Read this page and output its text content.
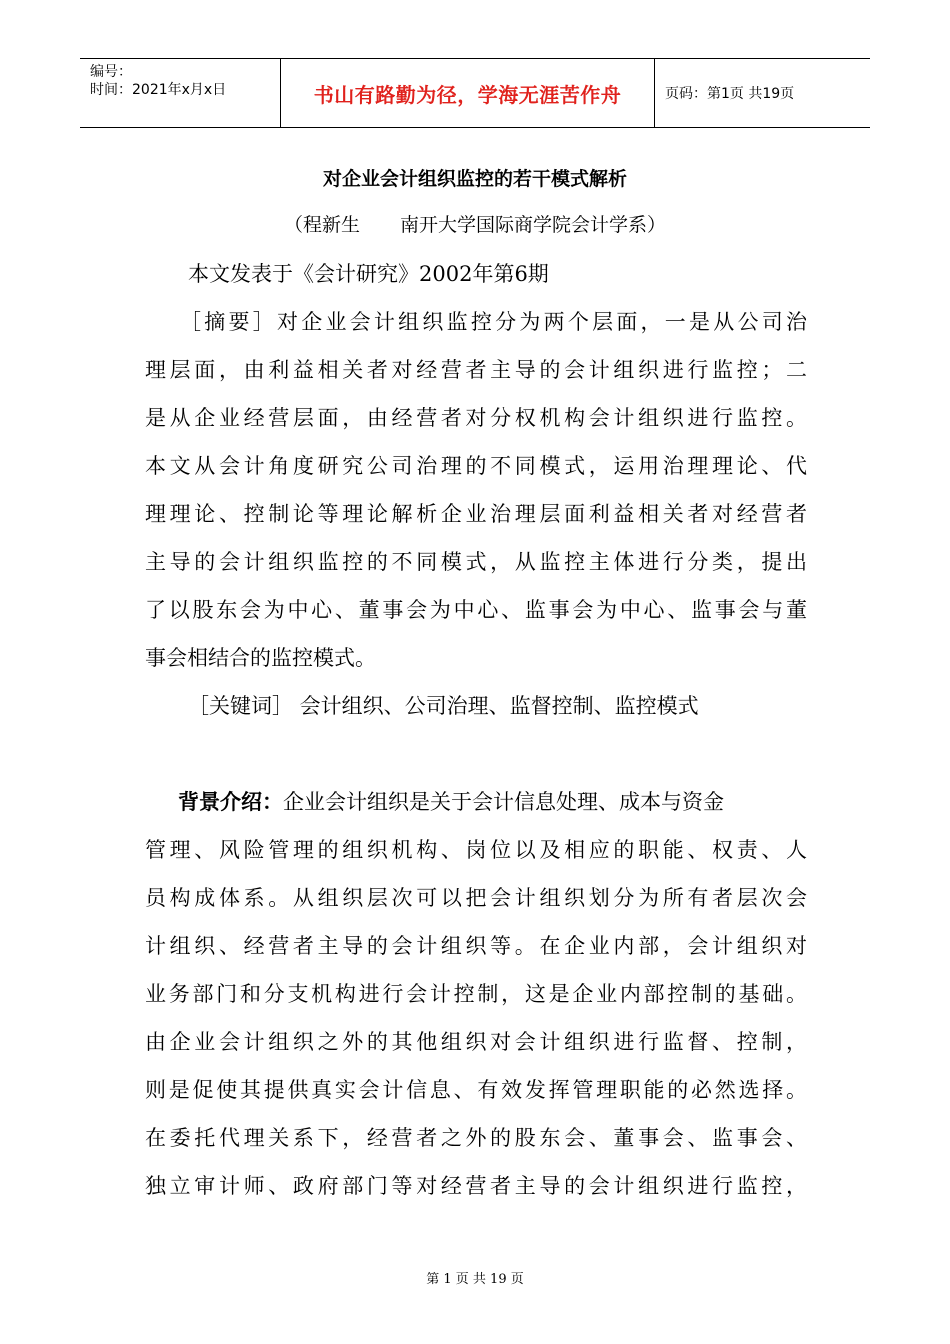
编号：
时间：2021年x月x日	书山有路勤为径，学海无涯苦作舟	页码：第1页 共19页
对企业会计组织监控的若干模式解析
（程新生 南开大学国际商学院会计学系）
本文发表于《会计研究》2002年第6期
［摘要］对企业会计组织监控分为两个层面，一是从公司治
理层面，由利益相关者对经营者主导的会计组织进行监控；二
是从企业经营层面，由经营者对分权机构会计组织进行监控。
本文从会计角度研究公司治理的不同模式，运用治理理论、代
理理论、控制论等理论解析企业治理层面利益相关者对经营者
主导的会计组织监控的不同模式，从监控主体进行分类，提出
了以股东会为中心、董事会为中心、监事会为中心、监事会与董
事会相结合的监控模式。
［关键词］ 会计组织、公司治理、监督控制、监控模式
背景介绍：企业会计组织是关于会计信息处理、成本与资金
管理、风险管理的组织机构、岗位以及相应的职能、权责、人
员构成体系。从组织层次可以把会计组织划分为所有者层次会
计组织、经营者主导的会计组织等。在企业内部，会计组织对
业务部门和分支机构进行会计控制，这是企业内部控制的基础。
由企业会计组织之外的其他组织对会计组织进行监督、控制，
则是促使其提供真实会计信息、有效发挥管理职能的必然选择。
在委托代理关系下，经营者之外的股东会、董事会、监事会、
独立审计师、政府部门等对经营者主导的会计组织进行监控，
第 1 页 共 19 页
